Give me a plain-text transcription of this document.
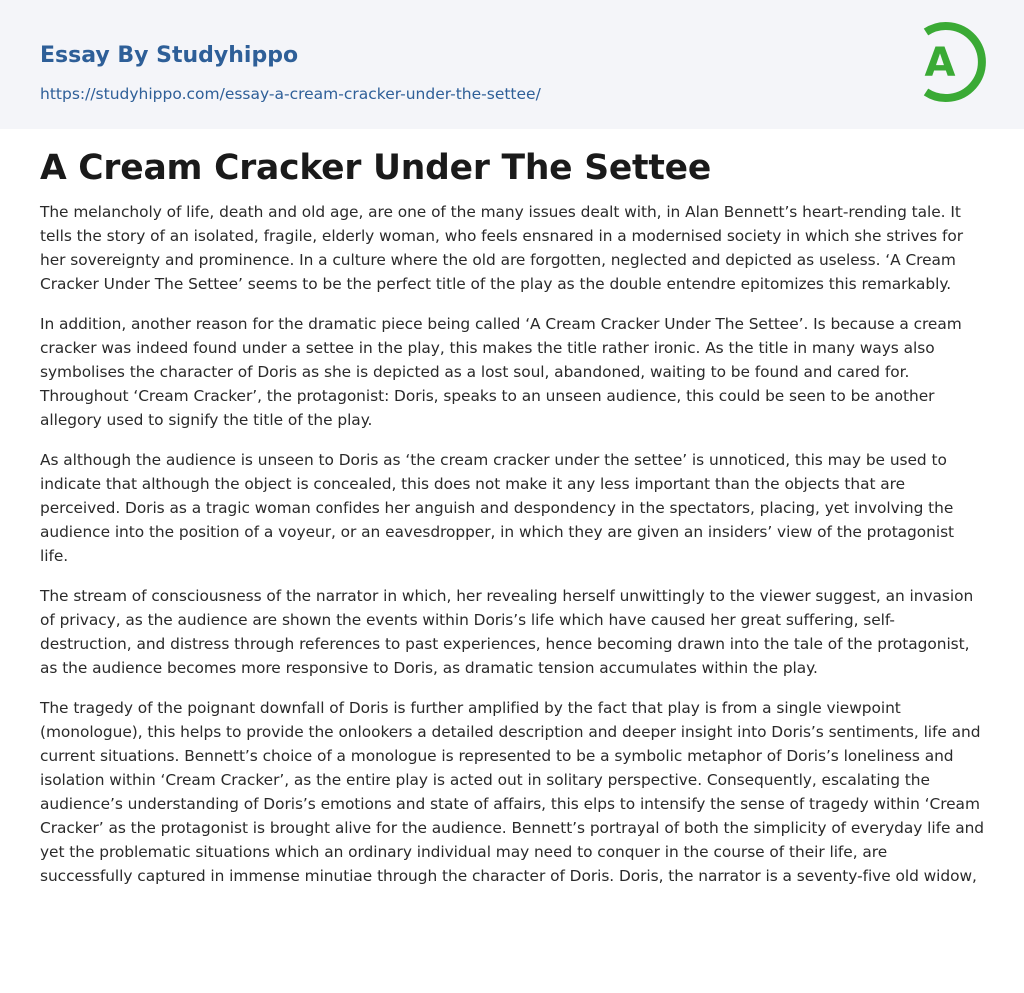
Essay By Studyhippo
https://studyhippo.com/essay-a-cream-cracker-under-the-settee/
A
A Cream Cracker Under The Settee

The melancholy of life, death and old age, are one of the many issues dealt with, in Alan Bennett’s heart-rending tale. It tells the story of an isolated, fragile, elderly woman, who feels ensnared in a modernised society in which she strives for her sovereignty and prominence. In a culture where the old are forgotten, neglected and depicted as useless. ‘A Cream Cracker Under The Settee’ seems to be the perfect title of the play as the double entendre epitomizes this remarkably.

In addition, another reason for the dramatic piece being called ‘A Cream Cracker Under The Settee’. Is because a cream cracker was indeed found under a settee in the play, this makes the title rather ironic. As the title in many ways also symbolises the character of Doris as she is depicted as a lost soul, abandoned, waiting to be found and cared for. Throughout ‘Cream Cracker’, the protagonist: Doris, speaks to an unseen audience, this could be seen to be another allegory used to signify the title of the play.

As although the audience is unseen to Doris as ‘the cream cracker under the settee’ is unnoticed, this may be used to indicate that although the object is concealed, this does not make it any less important than the objects that are perceived. Doris as a tragic woman confides her anguish and despondency in the spectators, placing, yet involving the audience into the position of a voyeur, or an eavesdropper, in which they are given an insiders’ view of the protagonist life.

The stream of consciousness of the narrator in which, her revealing herself unwittingly to the viewer suggest, an invasion of privacy, as the audience are shown the events within Doris’s life which have caused her great suffering, self-destruction, and distress through references to past experiences, hence becoming drawn into the tale of the protagonist, as the audience becomes more responsive to Doris, as dramatic tension accumulates within the play.

The tragedy of the poignant downfall of Doris is further amplified by the fact that play is from a single viewpoint (monologue), this helps to provide the onlookers a detailed description and deeper insight into Doris’s sentiments, life and current situations. Bennett’s choice of a monologue is represented to be a symbolic metaphor of Doris’s loneliness and isolation within ‘Cream Cracker’, as the entire play is acted out in solitary perspective. Consequently, escalating the audience’s understanding of Doris’s emotions and state of affairs, this elps to intensify the sense of tragedy within ‘Cream Cracker’ as the protagonist is brought alive for the audience. Bennett’s portrayal of both the simplicity of everyday life and yet the problematic situations which an ordinary individual may need to conquer in the course of their life, are successfully captured in immense minutiae through the character of Doris. Doris, the narrator is a seventy-five old widow,
